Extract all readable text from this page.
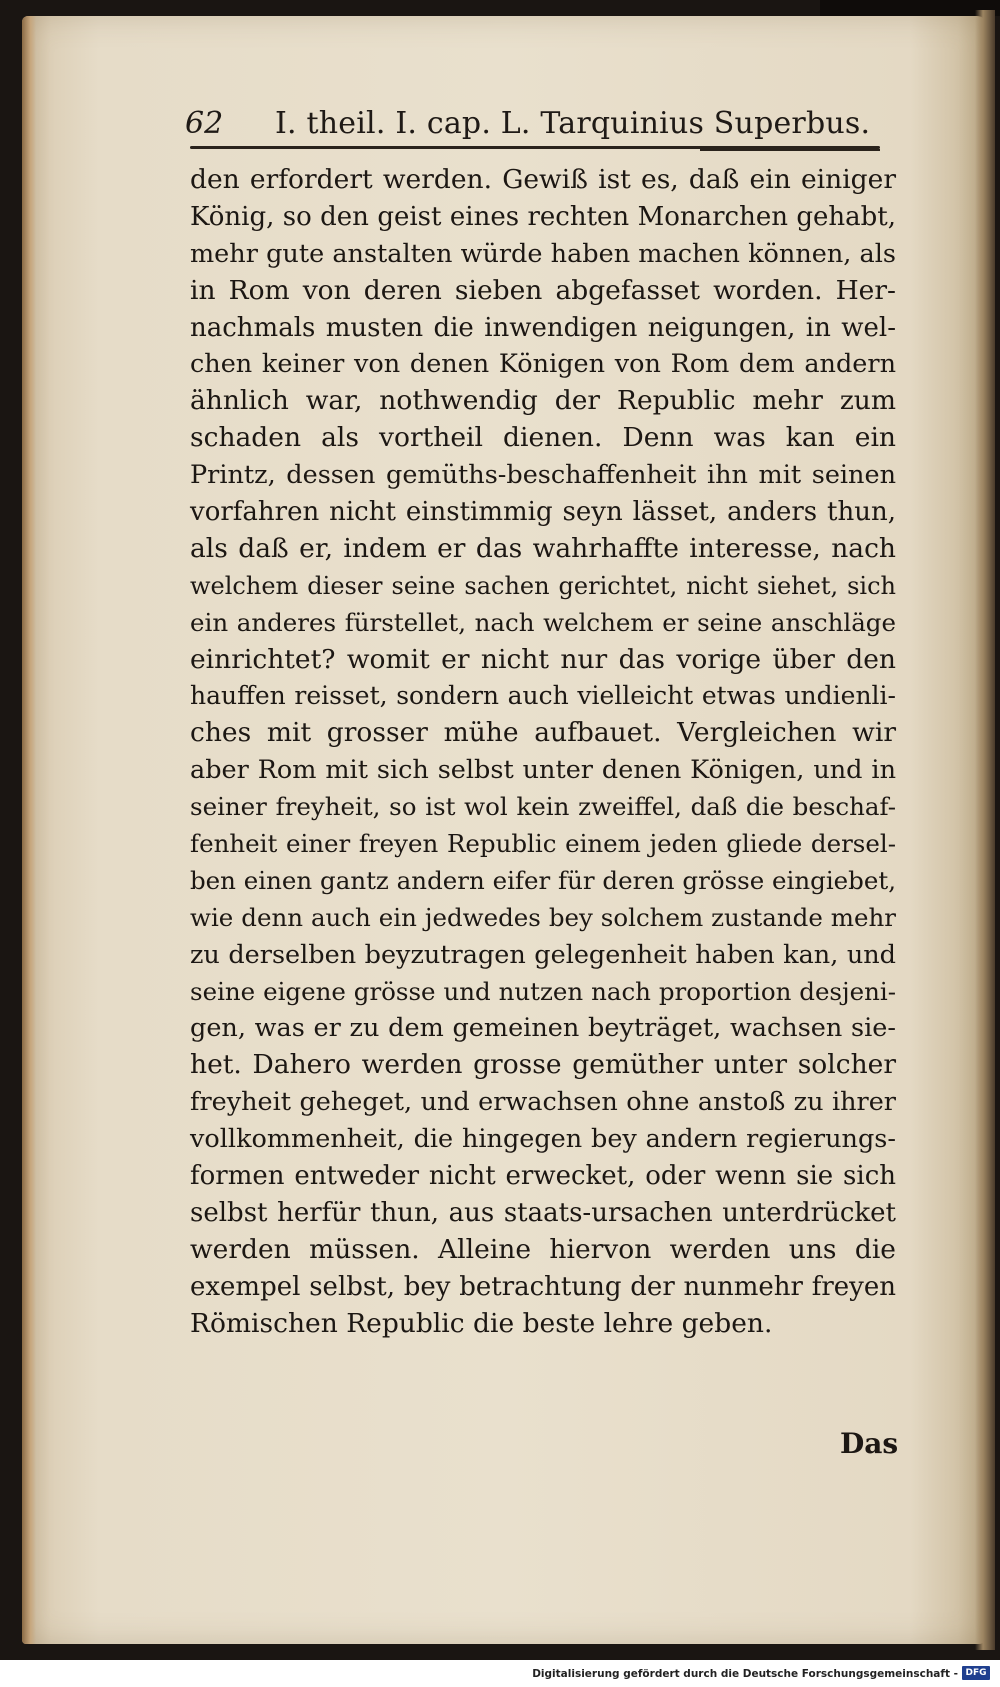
62 I. theil. I. cap. L. Tarquinius Superbus.
den erfordert werden. Gewiß ist es, daß ein einiger
König, so den geist eines rechten Monarchen gehabt,
mehr gute anstalten würde haben machen können, als
in Rom von deren sieben abgefasset worden. Her-
nachmals musten die inwendigen neigungen, in wel-
chen keiner von denen Königen von Rom dem andern
ähnlich war, nothwendig der Republic mehr zum
schaden als vortheil dienen. Denn was kan ein
Printz, dessen gemüths-beschaffenheit ihn mit seinen
vorfahren nicht einstimmig seyn lässet, anders thun,
als daß er, indem er das wahrhaffte interesse, nach
welchem dieser seine sachen gerichtet, nicht siehet, sich
ein anderes fürstellet, nach welchem er seine anschläge
einrichtet? womit er nicht nur das vorige über den
hauffen reisset, sondern auch vielleicht etwas undienli-
ches mit grosser mühe aufbauet. Vergleichen wir
aber Rom mit sich selbst unter denen Königen, und in
seiner freyheit, so ist wol kein zweiffel, daß die beschaf-
fenheit einer freyen Republic einem jeden gliede dersel-
ben einen gantz andern eifer für deren grösse eingiebet,
wie denn auch ein jedwedes bey solchem zustande mehr
zu derselben beyzutragen gelegenheit haben kan, und
seine eigene grösse und nutzen nach proportion desjeni-
gen, was er zu dem gemeinen beyträget, wachsen sie-
het. Dahero werden grosse gemüther unter solcher
freyheit geheget, und erwachsen ohne anstoß zu ihrer
vollkommenheit, die hingegen bey andern regierungs-
formen entweder nicht erwecket, oder wenn sie sich
selbst herfür thun, aus staats-ursachen unterdrücket
werden müssen. Alleine hiervon werden uns die
exempel selbst, bey betrachtung der nunmehr freyen
Römischen Republic die beste lehre geben.
Das
Digitalisierung gefördert durch die Deutsche Forschungsgemeinschaft - DFG
